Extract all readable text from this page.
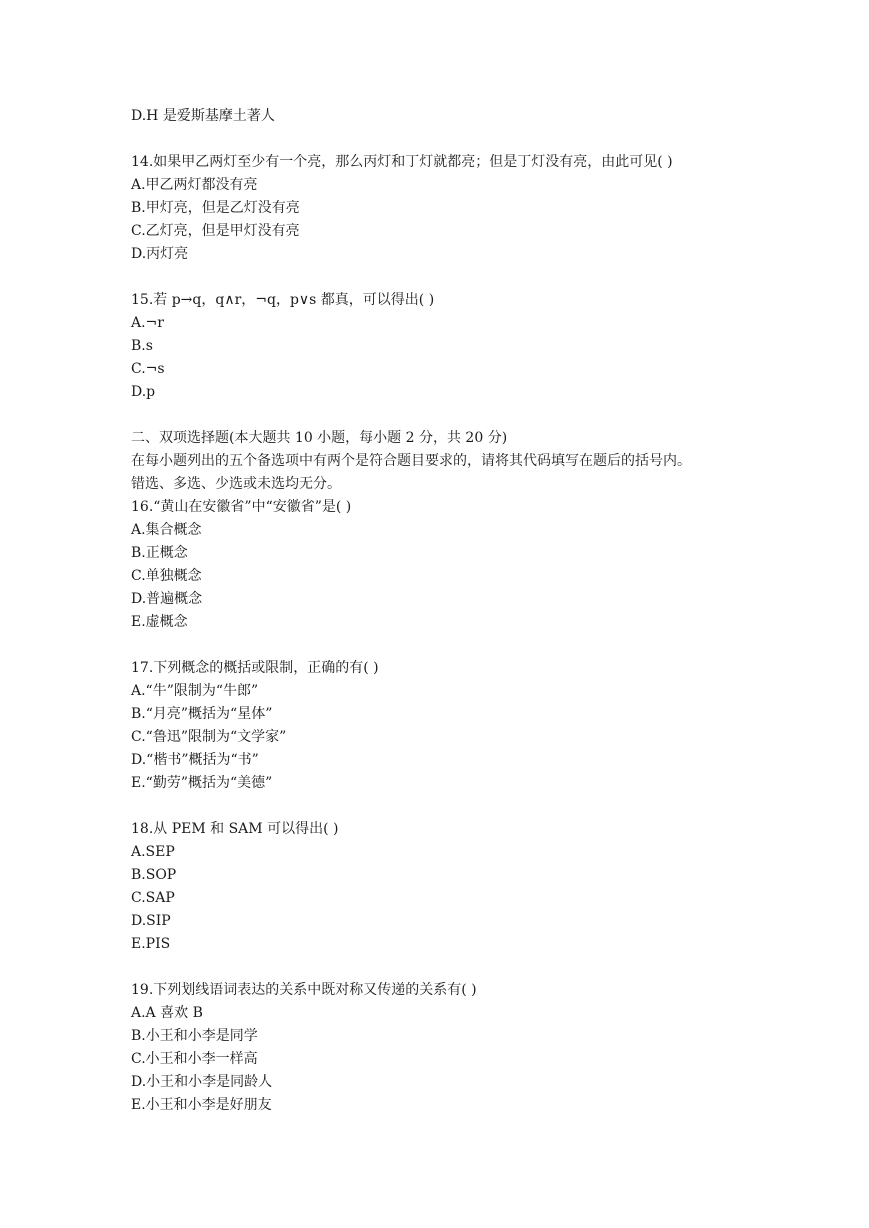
D.H 是爱斯基摩土著人
14.如果甲乙两灯至少有一个亮，那么丙灯和丁灯就都亮；但是丁灯没有亮，由此可见( )
A.甲乙两灯都没有亮
B.甲灯亮，但是乙灯没有亮
C.乙灯亮，但是甲灯没有亮
D.丙灯亮
15.若 p→q，q∧r，¬q，p∨s 都真，可以得出( )
A.¬r
B.s
C.¬s
D.p
二、双项选择题(本大题共 10 小题，每小题 2 分，共 20 分)
在每小题列出的五个备选项中有两个是符合题目要求的，请将其代码填写在题后的括号内。
错选、多选、少选或未选均无分。
16.“黄山在安徽省”中“安徽省”是( )
A.集合概念
B.正概念
C.单独概念
D.普遍概念
E.虚概念
17.下列概念的概括或限制，正确的有( )
A.“牛”限制为“牛郎”
B.“月亮”概括为“星体”
C.“鲁迅”限制为“文学家”
D.“楷书”概括为“书”
E.“勤劳”概括为“美德”
18.从 PEM 和 SAM 可以得出( )
A.SEP
B.SOP
C.SAP
D.SIP
E.PIS
19.下列划线语词表达的关系中既对称又传递的关系有( )
A.A 喜欢 B
B.小王和小李是同学
C.小王和小李一样高
D.小王和小李是同龄人
E.小王和小李是好朋友
